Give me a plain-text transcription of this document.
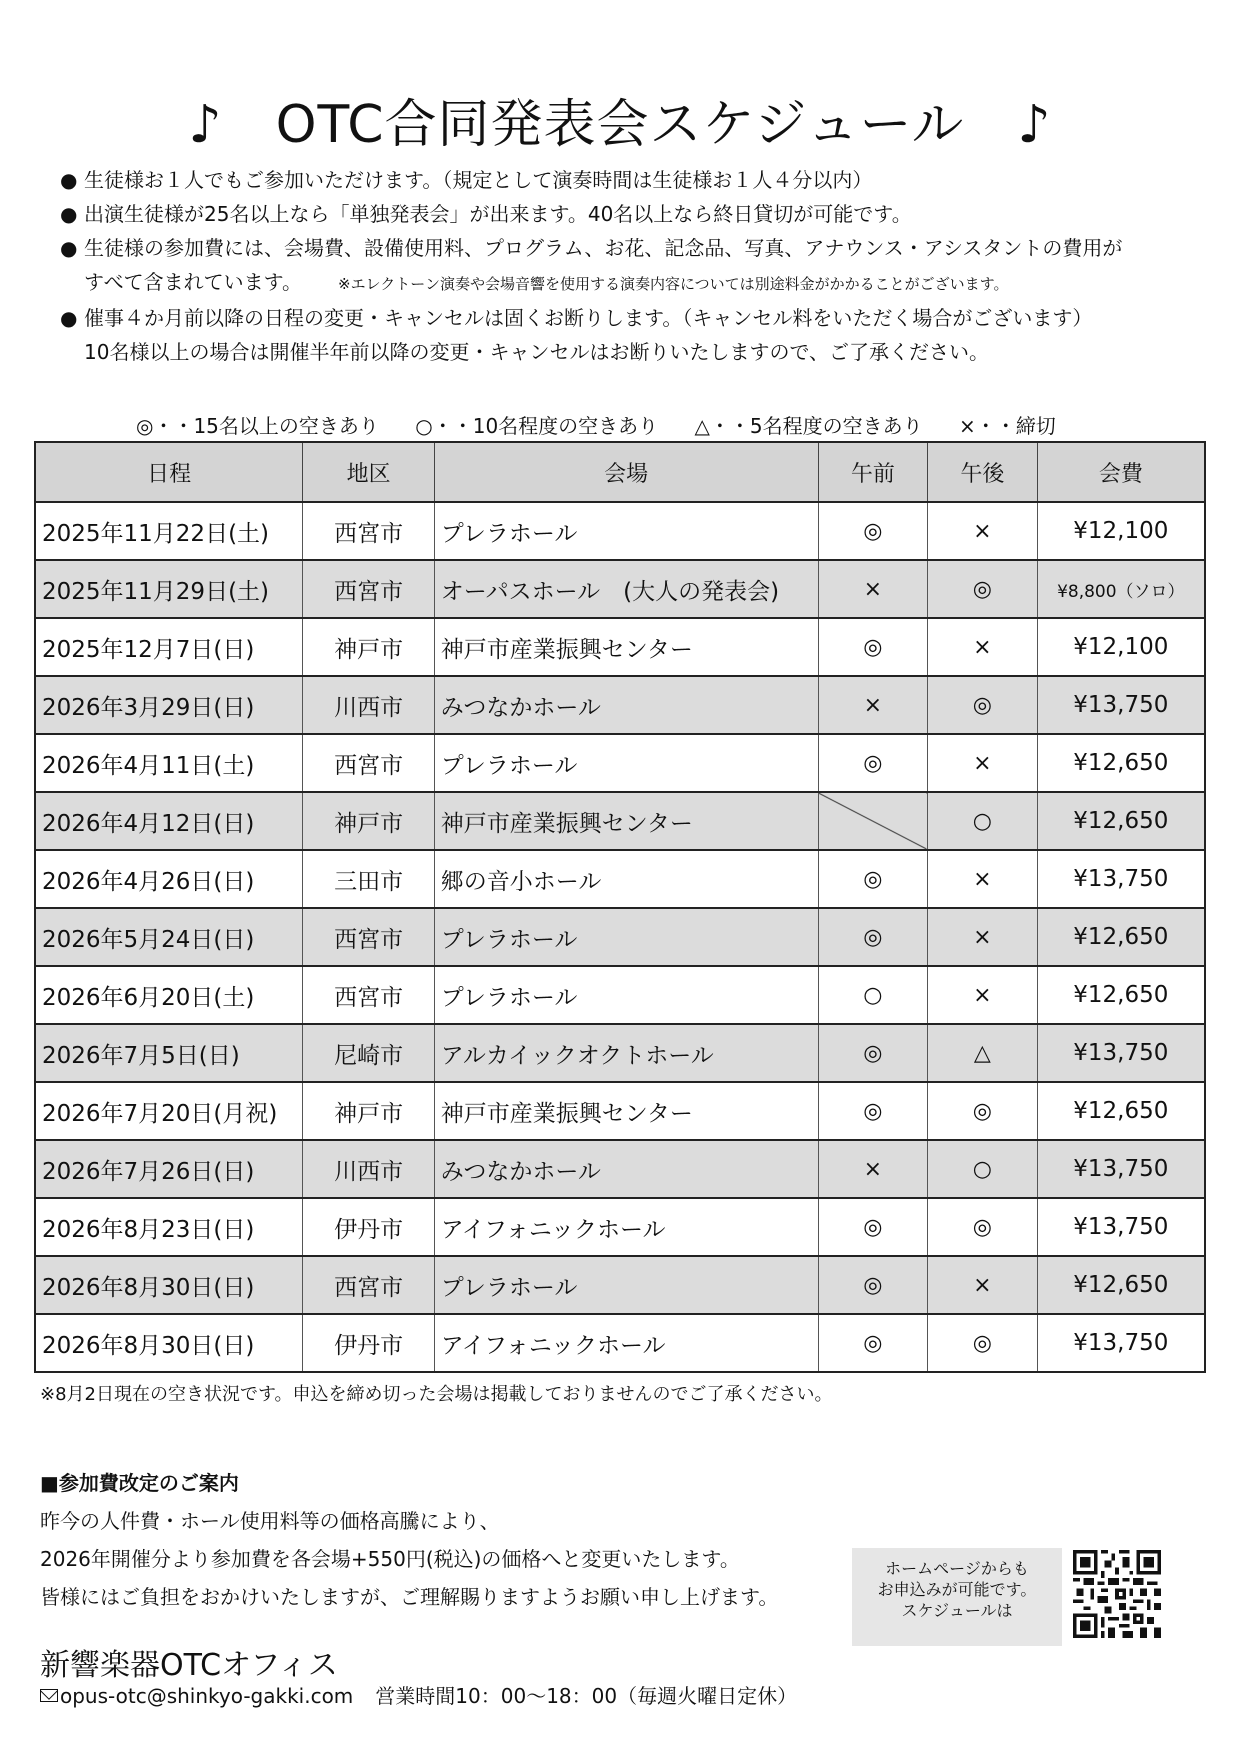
♪　OTC合同発表会スケジュール　♪
● 生徒様お１人でもご参加いただけます。（規定として演奏時間は生徒様お１人４分以内）
● 出演生徒様が25名以上なら「単独発表会」が出来ます。40名以上なら終日貸切が可能です。
● 生徒様の参加費には、会場費、設備使用料、プログラム、お花、記念品、写真、アナウンス・アシスタントの費用が
すべて含まれています。 ※エレクトーン演奏や会場音響を使用する演奏内容については別途料金がかかることがございます。
● 催事４か月前以降の日程の変更・キャンセルは固くお断りします。（キャンセル料をいただく場合がございます）
10名様以上の場合は開催半年前以降の変更・キャンセルはお断りいたしますので、ご了承ください。
◎・・15名以上の空きあり ○・・10名程度の空きあり △・・5名程度の空きあり ×・・締切
日程	地区	会場	午前	午後	会費
2025年11月22日(土)	西宮市	プレラホール	◎	×	¥12,100
2025年11月29日(土)	西宮市	オーパスホール　(大人の発表会)	×	◎	¥8,800（ソロ）
2025年12月7日(日)	神戸市	神戸市産業振興センター	◎	×	¥12,100
2026年3月29日(日)	川西市	みつなかホール	×	◎	¥13,750
2026年4月11日(土)	西宮市	プレラホール	◎	×	¥12,650
2026年4月12日(日)	神戸市	神戸市産業振興センター		○	¥12,650
2026年4月26日(日)	三田市	郷の音小ホール	◎	×	¥13,750
2026年5月24日(日)	西宮市	プレラホール	◎	×	¥12,650
2026年6月20日(土)	西宮市	プレラホール	○	×	¥12,650
2026年7月5日(日)	尼崎市	アルカイックオクトホール	◎	△	¥13,750
2026年7月20日(月祝)	神戸市	神戸市産業振興センター	◎	◎	¥12,650
2026年7月26日(日)	川西市	みつなかホール	×	○	¥13,750
2026年8月23日(日)	伊丹市	アイフォニックホール	◎	◎	¥13,750
2026年8月30日(日)	西宮市	プレラホール	◎	×	¥12,650
2026年8月30日(日)	伊丹市	アイフォニックホール	◎	◎	¥13,750
※8月2日現在の空き状況です。申込を締め切った会場は掲載しておりませんのでご了承ください。
■参加費改定のご案内
昨今の人件費・ホール使用料等の価格高騰により、
2026年開催分より参加費を各会場+550円(税込)の価格へと変更いたします。
皆様にはご負担をおかけいたしますが、ご理解賜りますようお願い申し上げます。
ホームページからも
お申込みが可能です。
スケジュールは
新響楽器OTCオフィス
opus-otc@shinkyo-gakki.com 営業時間10：00〜18：00（毎週火曜日定休）
